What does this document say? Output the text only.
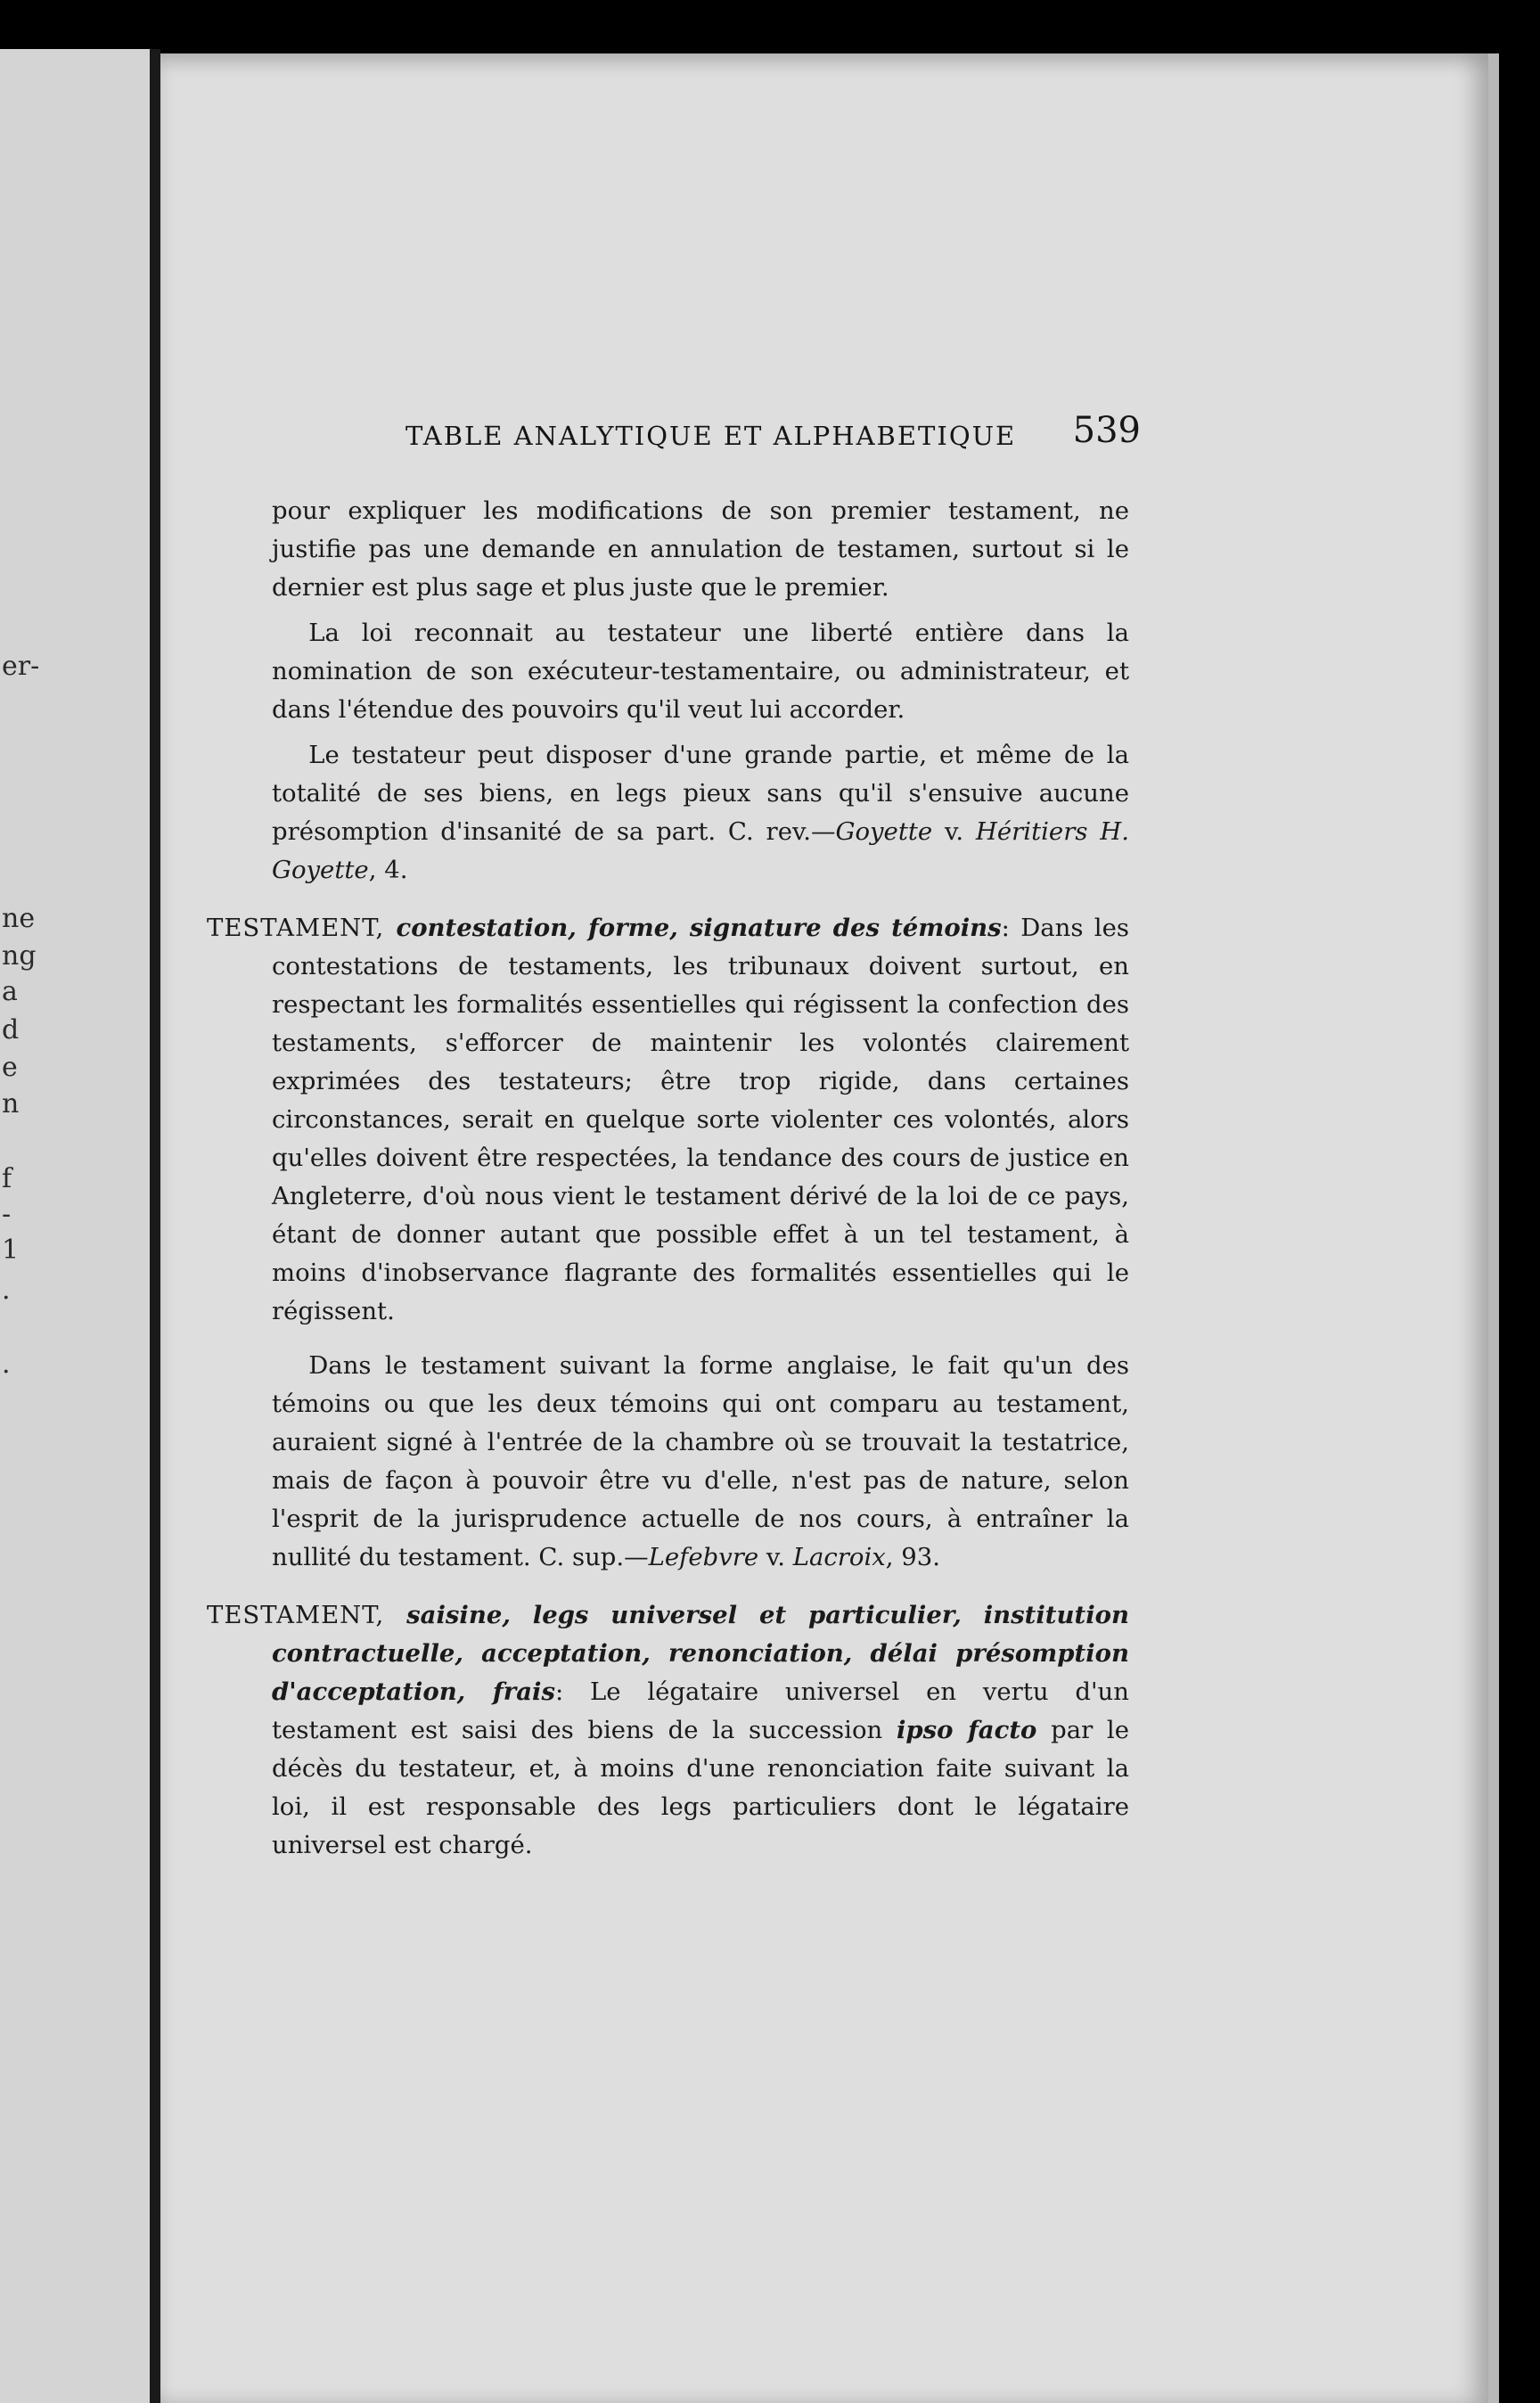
er-
ne
ng
a
d
e
n
f
-
1
.
.
TABLE ANALYTIQUE ET ALPHABETIQUE 539

pour expliquer les modifications de son premier testament, ne justifie pas une demande en annulation de testamen, surtout si le dernier est plus sage et plus juste que le premier.

La loi reconnait au testateur une liberté entière dans la nomination de son exécuteur-testamentaire, ou administrateur, et dans l'étendue des pouvoirs qu'il veut lui accorder.

Le testateur peut disposer d'une grande partie, et même de la totalité de ses biens, en legs pieux sans qu'il s'ensuive aucune présomption d'insanité de sa part. C. rev.—Goyette v. Héritiers H. Goyette, 4.

TESTAMENT, contestation, forme, signature des témoins: Dans les contestations de testaments, les tribunaux doivent surtout, en respectant les formalités essentielles qui régissent la confection des testaments, s'efforcer de maintenir les volontés clairement exprimées des testateurs; être trop rigide, dans certaines circonstances, serait en quelque sorte violenter ces volontés, alors qu'elles doivent être respectées, la tendance des cours de justice en Angleterre, d'où nous vient le testament dérivé de la loi de ce pays, étant de donner autant que possible effet à un tel testament, à moins d'inobservance flagrante des formalités essentielles qui le régissent.

Dans le testament suivant la forme anglaise, le fait qu'un des témoins ou que les deux témoins qui ont comparu au testament, auraient signé à l'entrée de la chambre où se trouvait la testatrice, mais de façon à pouvoir être vu d'elle, n'est pas de nature, selon l'esprit de la jurisprudence actuelle de nos cours, à entraîner la nullité du testament. C. sup.—Lefebvre v. Lacroix, 93.

TESTAMENT, saisine, legs universel et particulier, institution contractuelle, acceptation, renonciation, délai présomption d'acceptation, frais: Le légataire universel en vertu d'un testament est saisi des biens de la succession ipso facto par le décès du testateur, et, à moins d'une renonciation faite suivant la loi, il est responsable des legs particuliers dont le légataire universel est chargé.
